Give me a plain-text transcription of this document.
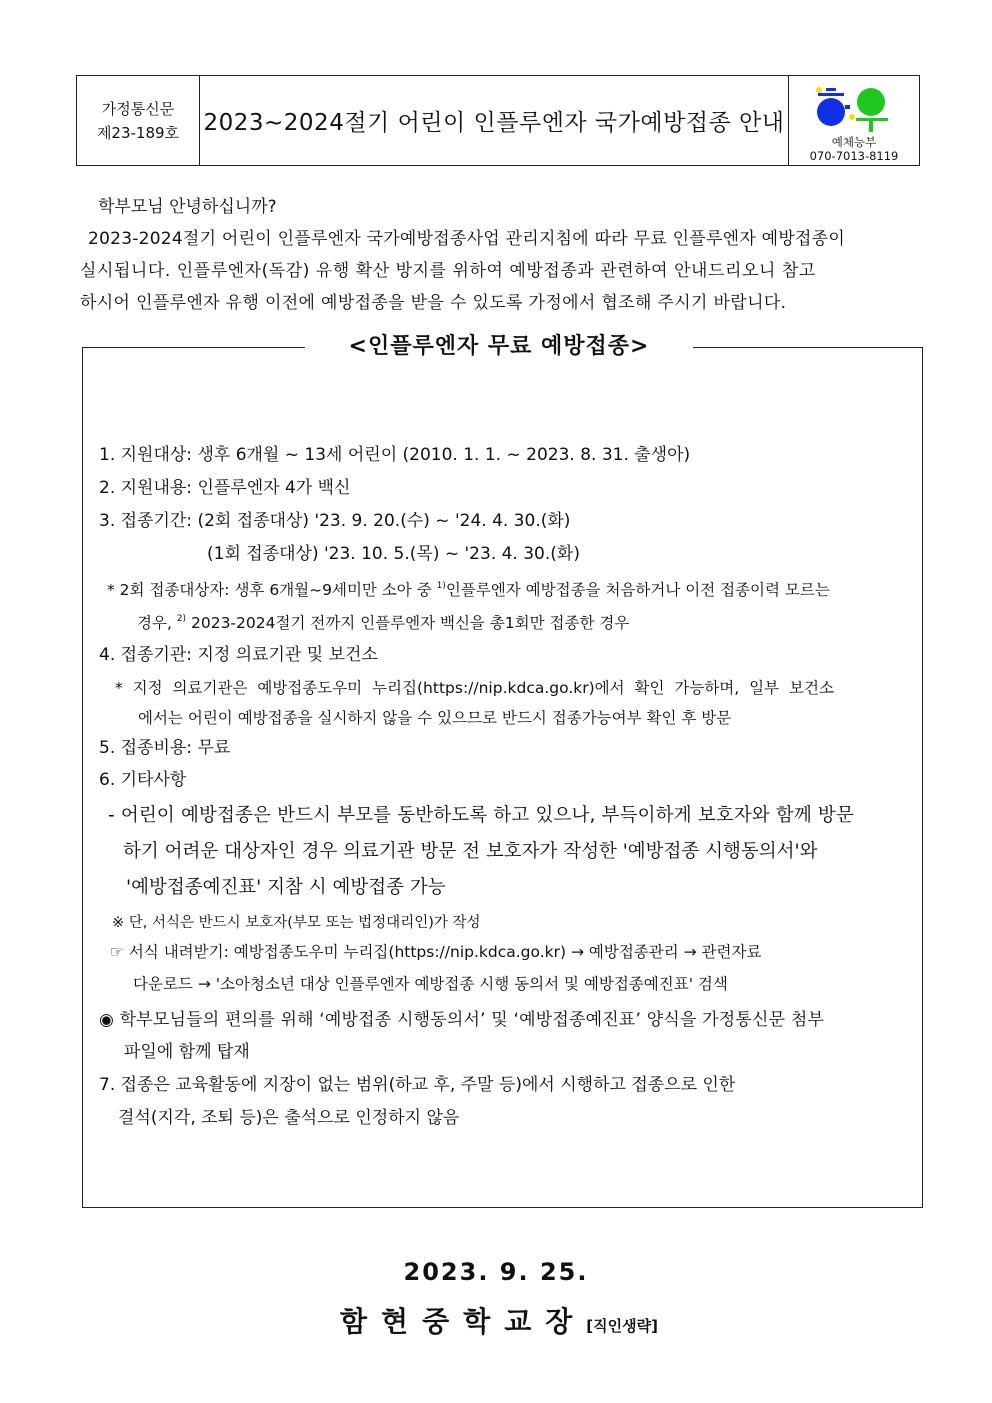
가정통신문
제23-189호 2023~2024절기 어린이 인플루엔자 국가예방접종 안내
예체능부
070-7013-8119
학부모님 안녕하십니까?
2023-2024절기 어린이 인플루엔자 국가예방접종사업 관리지침에 따라 무료 인플루엔자 예방접종이
실시됩니다. 인플루엔자(독감) 유행 확산 방지를 위하여 예방접종과 관련하여 안내드리오니 참고
하시어 인플루엔자 유행 이전에 예방접종을 받을 수 있도록 가정에서 협조해 주시기 바랍니다.
<인플루엔자 무료 예방접종>
1. 지원대상: 생후 6개월 ~ 13세 어린이 (2010. 1. 1. ~ 2023. 8. 31. 출생아)
2. 지원내용: 인플루엔자 4가 백신
3. 접종기간: (2회 접종대상) '23. 9. 20.(수) ~ '24. 4. 30.(화)
(1회 접종대상) '23. 10. 5.(목) ~ '23. 4. 30.(화)
* 2회 접종대상자: 생후 6개월~9세미만 소아 중 $^{1)}$인플루엔자 예방접종을 처음하거나 이전 접종이력 모르는
경우, $^{2)}$ 2023-2024절기 전까지 인플루엔자 백신을 총1회만 접종한 경우
4. 접종기관: 지정 의료기관 및 보건소
* 지정 의료기관은 예방접종도우미 누리집(https://nip.kdca.go.kr)에서 확인 가능하며, 일부 보건소
에서는 어린이 예방접종을 실시하지 않을 수 있으므로 반드시 접종가능여부 확인 후 방문
5. 접종비용: 무료
6. 기타사항
- 어린이 예방접종은 반드시 부모를 동반하도록 하고 있으나, 부득이하게 보호자와 함께 방문
하기 어려운 대상자인 경우 의료기관 방문 전 보호자가 작성한 '예방접종 시행동의서'와
'예방접종예진표' 지참 시 예방접종 가능
※ 단, 서식은 반드시 보호자(부모 또는 법정대리인)가 작성
☞ 서식 내려받기: 예방접종도우미 누리집(https://nip.kdca.go.kr) → 예방접종관리 → 관련자료
다운로드 → '소아청소년 대상 인플루엔자 예방접종 시행 동의서 및 예방접종예진표' 검색
◉ 학부모님들의 편의를 위해 ‘예방접종 시행동의서’ 및 ‘예방접종예진표’ 양식을 가정통신문 첨부
파일에 함께 탑재
7. 접종은 교육활동에 지장이 없는 범위(하교 후, 주말 등)에서 시행하고 접종으로 인한
결석(지각, 조퇴 등)은 출석으로 인정하지 않음
2023. 9. 25.
함현중학교장[직인생략]
